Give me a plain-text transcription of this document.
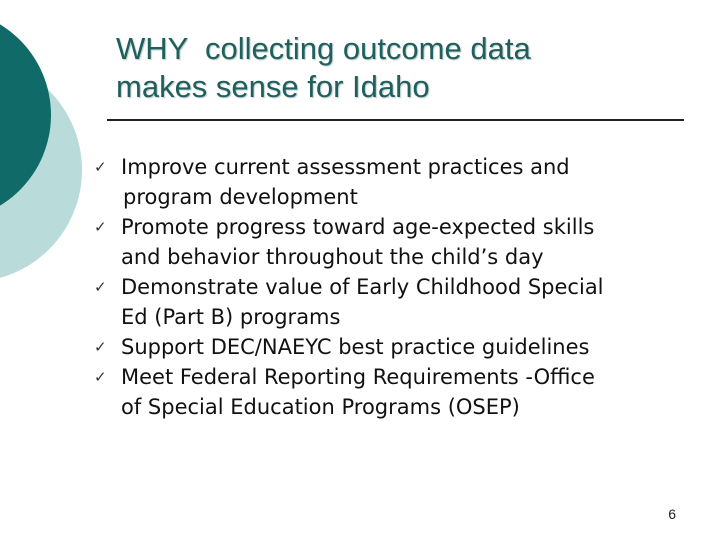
WHY  collecting outcome data
makes sense for Idaho
✓ Improve current assessment practices and
program development
✓ Promote progress toward age-expected skills
and behavior throughout the child’s day
✓ Demonstrate value of Early Childhood Special
Ed (Part B) programs
✓ Support DEC/NAEYC best practice guidelines
✓ Meet Federal Reporting Requirements -Office
of Special Education Programs (OSEP)
6
